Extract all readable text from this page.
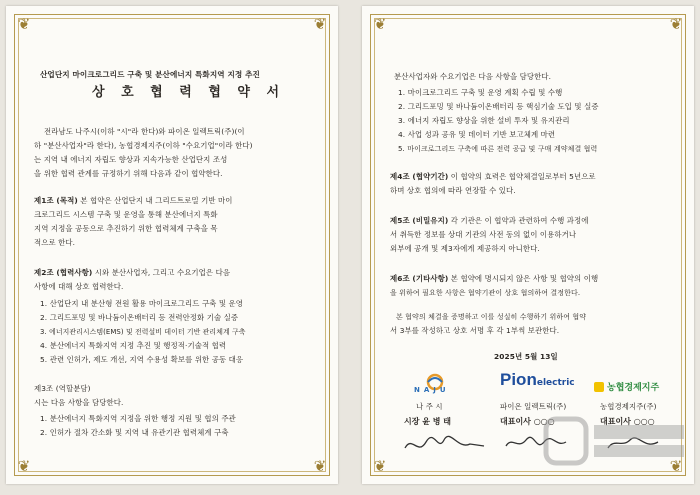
❦	❦
❦	❦
산업단지 마이크로그리드 구축 및 분산에너지 특화지역 지정 추진
상 호 협 력 협 약 서
전라남도 나주시(이하 "시"라 한다)와 파이온 일렉트릭(주)(이
하 "분산사업자"라 한다), 농협경제지주(이하 "수요기업"이라 한다)
는 지역 내 에너지 자립도 향상과 지속가능한 산업단지 조성
을 위한 협력 관계를 규정하기 위해 다음과 같이 협약한다.
제1조 (목적) 본 협약은 산업단지 내 그리드트로밀 기반 마이
크로그리드 시스템 구축 및 운영을 통해 분산에너지 특화
지역 지정을 공동으로 추진하기 위한 협력체계 구축을 목
적으로 한다.
제2조 (협력사항) 시와 분산사업자, 그리고 수요기업은 다음
사항에 대해 상호 협력한다.
1. 산업단지 내 분산형 전원 활용 마이크로그리드 구축 및 운영
2. 그리드포밍 및 바나듐이온배터리 등 전력안정화 기술 실증
3. 에너지관리시스템(EMS) 및 전력설비 데이터 기반 관리체계 구축
4. 분산에너지 특화지역 지정 추진 및 행정적·기술적 협력
5. 관련 인허가, 제도 개선, 지역 수용성 확보를 위한 공동 대응
제3조 (역할분담)
시는 다음 사항을 담당한다.
1. 분산에너지 특화지역 지정을 위한 행정 지원 및 협의 주관
2. 인허가 절차 간소화 및 지역 내 유관기관 협력체계 구축
❦	❦
❦	❦
분산사업자와 수요기업은 다음 사항을 담당한다.
1. 마이크로그리드 구축 및 운영 계획 수립 및 수행
2. 그리드포밍 및 바나듐이온배터리 등 핵심기술 도입 및 실증
3. 에너지 자립도 향상을 위한 설비 투자 및 유지관리
4. 사업 성과 공유 및 데이터 기반 보고체계 마련
5. 마이크로그리드 구축에 따른 전력 공급 및 구매 계약체결 협력
제4조 (협약기간) 이 협약의 효력은 협약체결일로부터 5년으로
하며 상호 협의에 따라 연장할 수 있다.
제5조 (비밀유지) 각 기관은 이 협약과 관련하여 수행 과정에
서 취득한 정보를 상대 기관의 사전 동의 없이 이용하거나
외부에 공개 및 제3자에게 제공하지 아니한다.
제6조 (기타사항) 본 협약에 명시되지 않은 사항 및 협약의 이행
을 위하여 필요한 사항은 협약기관이 상호 협의하여 결정한다.
본 협약의 체결을 증명하고 이를 성실히 수행하기 위하여 협약
서 3부를 작성하고 상호 서명 후 각 1부씩 보관한다.
2025년 5월 13일
NAJU
Pionelectric	농협경제지주
나 주 시
시장 윤 병 태
파이온 일렉트릭(주)
대표이사 ○○○
농협경제지주(주)
대표이사 ○○○
